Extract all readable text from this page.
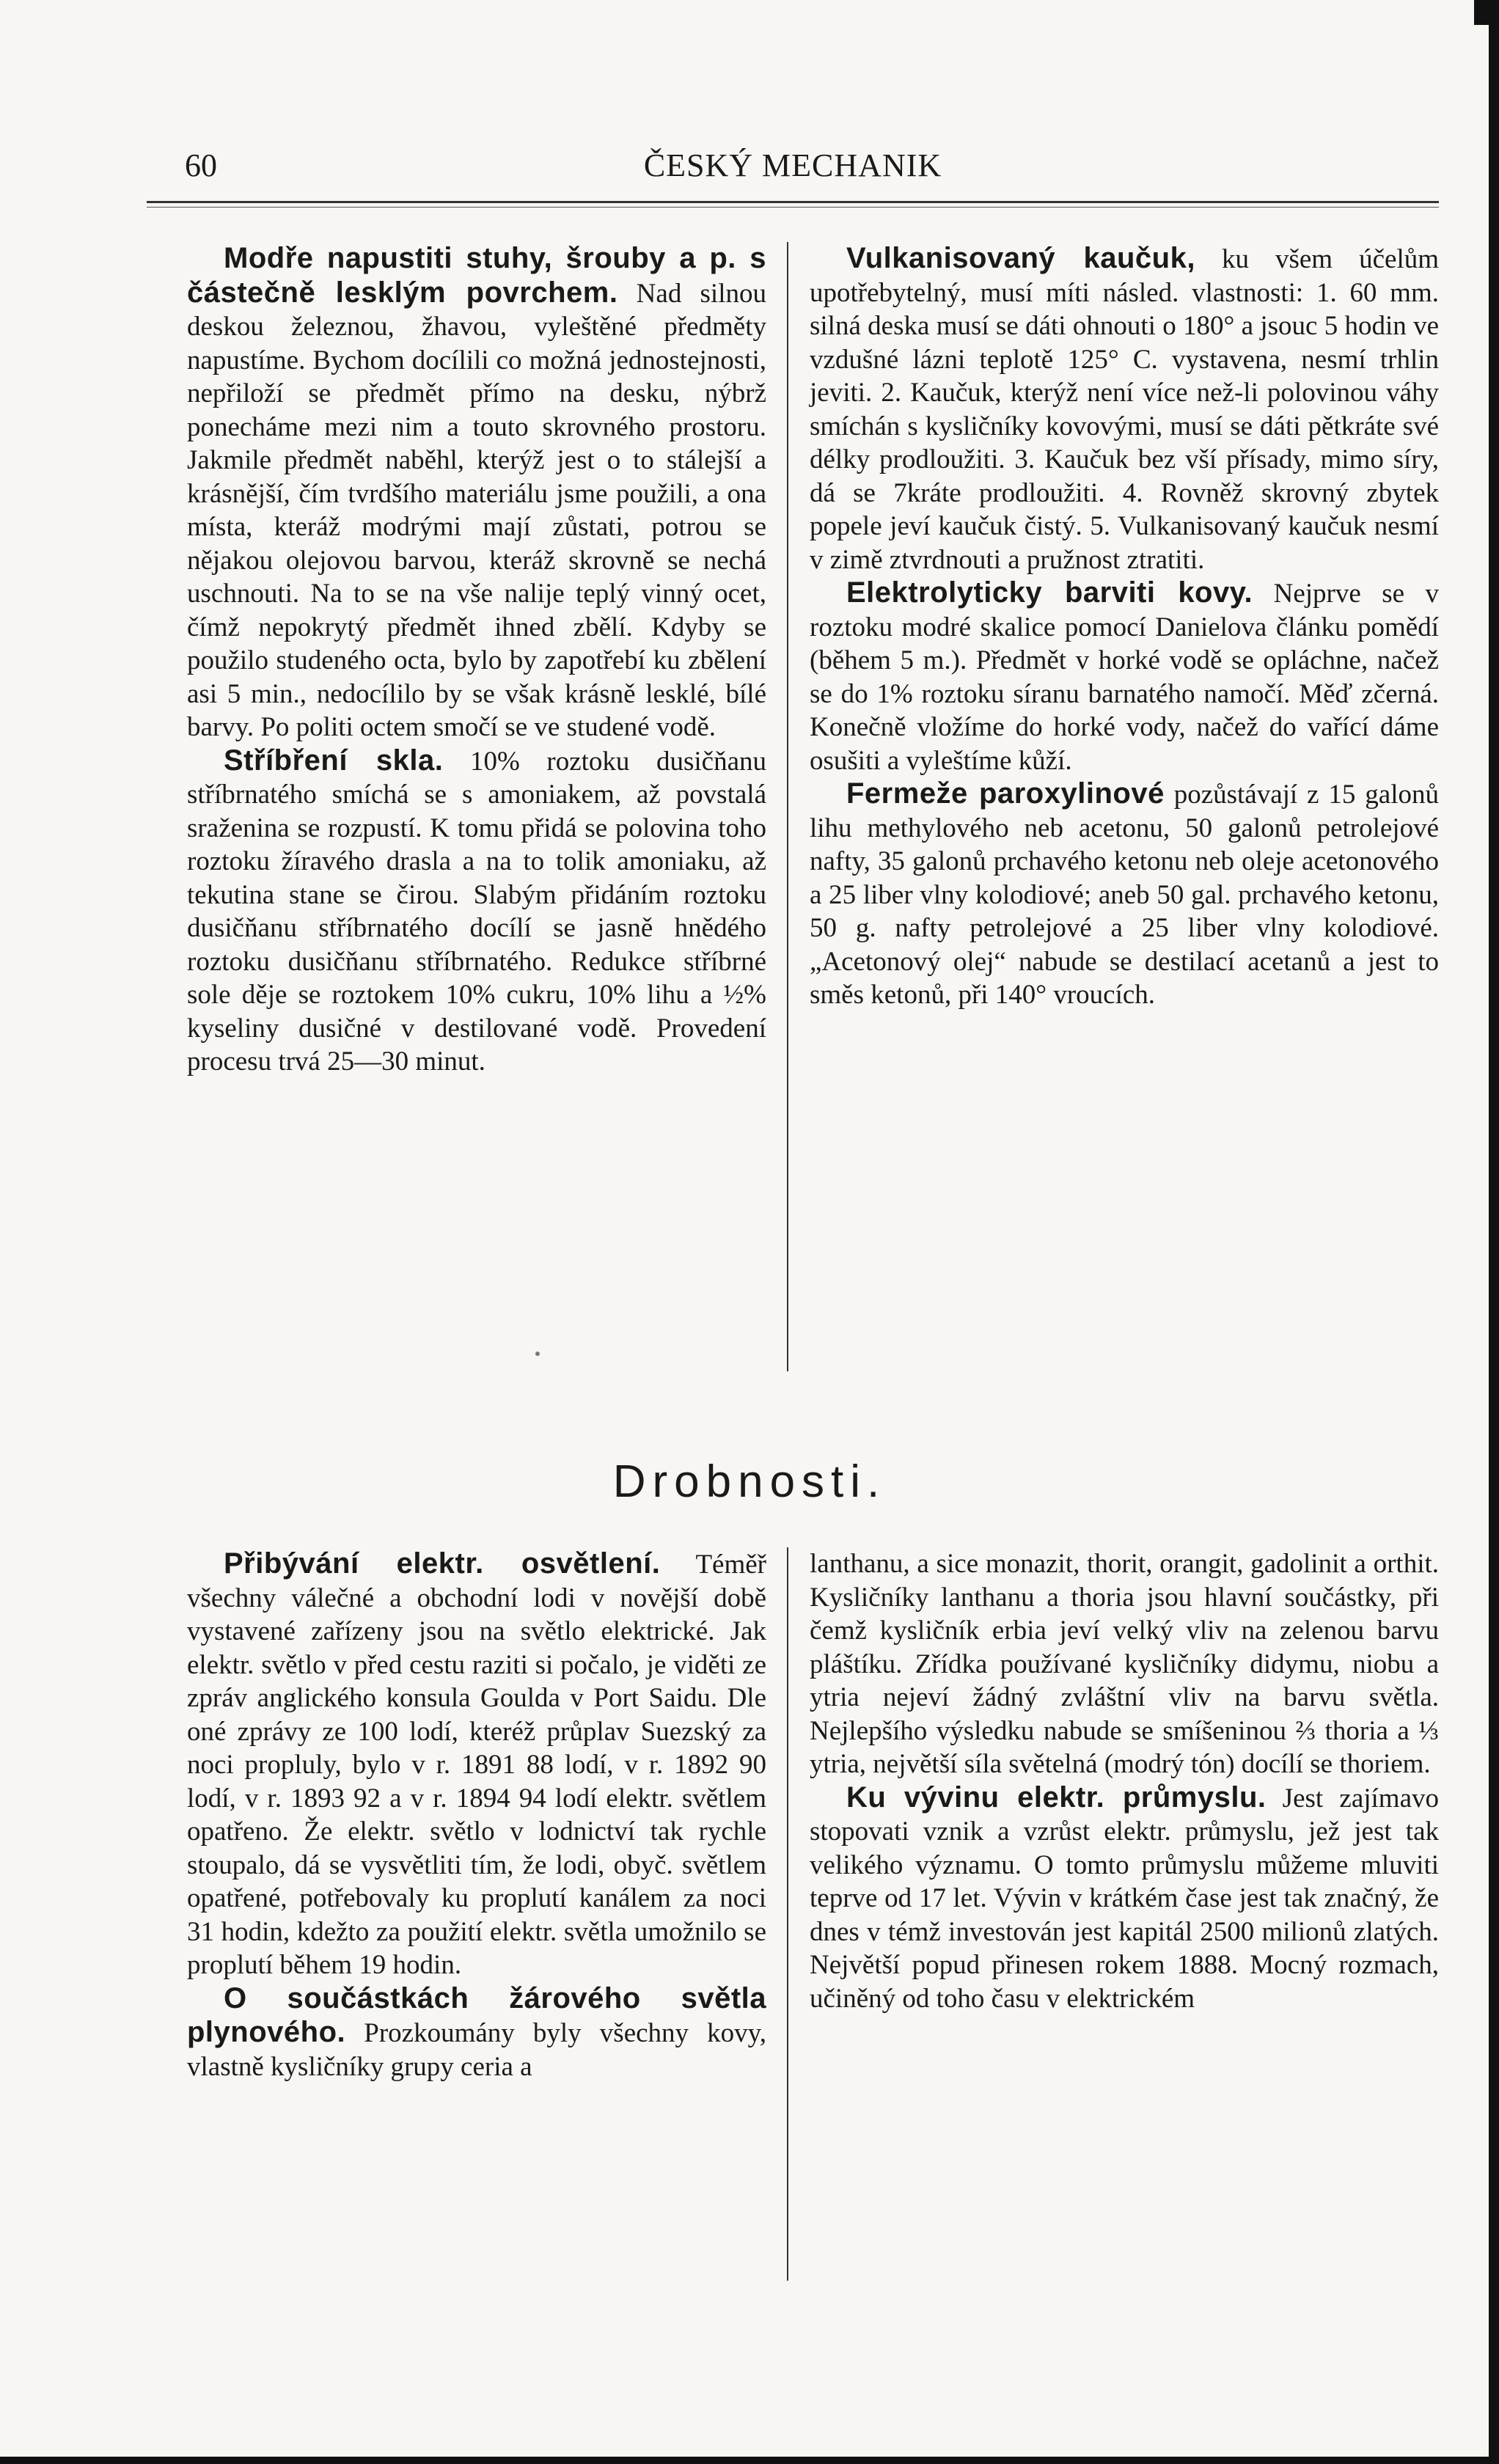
60	ČESKÝ MECHANIK

Modře napustiti stuhy, šrouby a p. s částečně lesklým povrchem. Nad silnou deskou železnou, žhavou, vyleštěné předměty napustíme. Bychom docílili co možná jednostejnosti, nepřiloží se předmět přímo na desku, nýbrž ponecháme mezi nim a touto skrovného prostoru. Jakmile předmět naběhl, kterýž jest o to stálejší a krásnější, čím tvrdšího materiálu jsme použili, a ona místa, kteráž modrými mají zůstati, potrou se nějakou olejovou barvou, kteráž skrovně se nechá uschnouti. Na to se na vše nalije teplý vinný ocet, čímž nepokrytý předmět ihned zbělí. Kdyby se použilo studeného octa, bylo by zapotřebí ku zbělení asi 5 min., nedocílilo by se však krásně lesklé, bílé barvy. Po politi octem smočí se ve studené vodě.

Stříbření skla. 10% roztoku dusičňanu stříbrnatého smíchá se s amoniakem, až povstalá sraženina se rozpustí. K tomu přidá se polovina toho roztoku žíravého drasla a na to tolik amoniaku, až tekutina stane se čirou. Slabým přidáním roztoku dusičňanu stříbrnatého docílí se jasně hnědého roztoku dusičňanu stříbrnatého. Redukce stříbrné sole děje se roztokem 10% cukru, 10% lihu a ½% kyseliny dusičné v destilované vodě. Provedení procesu trvá 25—30 minut.

Vulkanisovaný kaučuk, ku všem účelům upotřebytelný, musí míti násled. vlastnosti: 1. 60 mm. silná deska musí se dáti ohnouti o 180° a jsouc 5 hodin ve vzdušné lázni teplotě 125° C. vystavena, nesmí trhlin jeviti. 2. Kaučuk, kterýž není více než-li polovinou váhy smíchán s kysličníky kovovými, musí se dáti pětkráte své délky prodloužiti. 3. Kaučuk bez vší přísady, mimo síry, dá se 7kráte prodloužiti. 4. Rovněž skrovný zbytek popele jeví kaučuk čistý. 5. Vulkanisovaný kaučuk nesmí v zimě ztvrdnouti a pružnost ztratiti.

Elektrolyticky barviti kovy. Nejprve se v roztoku modré skalice pomocí Danielova článku pomědí (během 5 m.). Předmět v horké vodě se opláchne, načež se do 1% roztoku síranu barnatého namočí. Měď zčerná. Konečně vložíme do horké vody, načež do vařící dáme osušiti a vyleštíme kůží.

Fermeže paroxylinové pozůstávají z 15 galonů lihu methylového neb acetonu, 50 galonů petrolejové nafty, 35 galonů prchavého ketonu neb oleje acetonového a 25 liber vlny kolodiové; aneb 50 gal. prchavého ketonu, 50 g. nafty petrolejové a 25 liber vlny kolodiové. „Acetonový olej“ nabude se destilací acetanů a jest to směs ketonů, při 140° vroucích.

Drobnosti.

Přibývání elektr. osvětlení. Téměř všechny válečné a obchodní lodi v novější době vystavené zařízeny jsou na světlo elektrické. Jak elektr. světlo v před cestu raziti si počalo, je viděti ze zpráv anglického konsula Goulda v Port Saidu. Dle oné zprávy ze 100 lodí, kteréž průplav Suezský za noci propluly, bylo v r. 1891 88 lodí, v r. 1892 90 lodí, v r. 1893 92 a v r. 1894 94 lodí elektr. světlem opatřeno. Že elektr. světlo v lodnictví tak rychle stoupalo, dá se vysvětliti tím, že lodi, obyč. světlem opatřené, potřebovaly ku proplutí kanálem za noci 31 hodin, kdežto za použití elektr. světla umožnilo se proplutí během 19 hodin.

O součástkách žárového světla plynového. Prozkoumány byly všechny kovy, vlastně kysličníky grupy ceria a

lanthanu, a sice monazit, thorit, orangit, gadolinit a orthit. Kysličníky lanthanu a thoria jsou hlavní součástky, při čemž kysličník erbia jeví velký vliv na zelenou barvu pláštíku. Zřídka používané kysličníky didymu, niobu a ytria nejeví žádný zvláštní vliv na barvu světla. Nejlepšího výsledku nabude se smíšeninou ⅔ thoria a ⅓ ytria, největší síla světelná (modrý tón) docílí se thoriem.

Ku vývinu elektr. průmyslu. Jest zajímavo stopovati vznik a vzrůst elektr. průmyslu, jež jest tak velikého významu. O tomto průmyslu můžeme mluviti teprve od 17 let. Vývin v krátkém čase jest tak značný, že dnes v témž investován jest kapitál 2500 milionů zlatých. Největší popud přinesen rokem 1888. Mocný rozmach, učiněný od toho času v elektrickém
